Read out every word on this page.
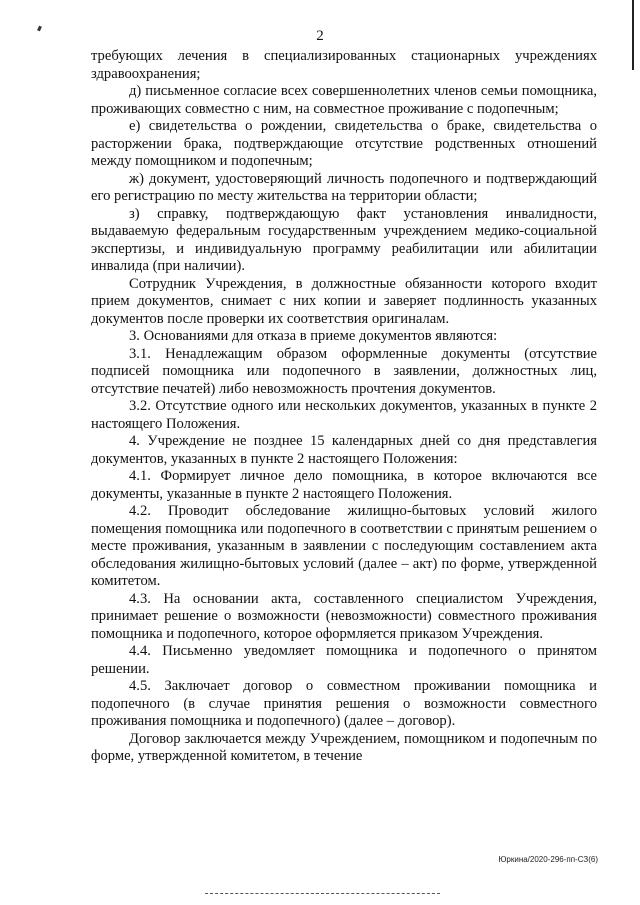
2

требующих лечения в специализированных стационарных учреждениях здравоохранения;

д) письменное согласие всех совершеннолетних членов семьи помощника, проживающих совместно с ним, на совместное проживание с подопечным;

е) свидетельства о рождении, свидетельства о браке, свидетельства о расторжении брака, подтверждающие отсутствие родственных отношений между помощником и подопечным;

ж) документ, удостоверяющий личность подопечного и подтверждающий его регистрацию по месту жительства на территории области;

з) справку, подтверждающую факт установления инвалидности, выдаваемую федеральным государственным учреждением медико-социальной экспертизы, и индивидуальную программу реабилитации или абилитации инвалида (при наличии).

Сотрудник Учреждения, в должностные обязанности которого входит прием документов, снимает с них копии и заверяет подлинность указанных документов после проверки их соответствия оригиналам.

3. Основаниями для отказа в приеме документов являются:

3.1. Ненадлежащим образом оформленные документы (отсутствие подписей помощника или подопечного в заявлении, должностных лиц, отсутствие печатей) либо невозможность прочтения документов.

3.2. Отсутствие одного или нескольких документов, указанных в пункте 2 настоящего Положения.

4. Учреждение не позднее 15 календарных дней со дня представлегия документов, указанных в пункте 2 настоящего Положения:

4.1. Формирует личное дело помощника, в которое включаются все документы, указанные в пункте 2 настоящего Положения.

4.2. Проводит обследование жилищно-бытовых условий жилого помещения помощника или подопечного в соответствии с принятым решением о месте проживания, указанным в заявлении с последующим составлением акта обследования жилищно-бытовых условий (далее – акт) по форме, утвержденной комитетом.

4.3. На основании акта, составленного специалистом Учреждения, принимает решение о возможности (невозможности) совместного проживания помощника и подопечного, которое оформляется приказом Учреждения.

4.4. Письменно уведомляет помощника и подопечного о принятом решении.

4.5. Заключает договор о совместном проживании помощника и подопечного (в случае принятия решения о возможности совместного проживания помощника и подопечного) (далее – договор).

Договор заключается между Учреждением, помощником и подопечным по форме, утвержденной комитетом, в течение

Юркина/2020-296-пп-СЗ(6)
